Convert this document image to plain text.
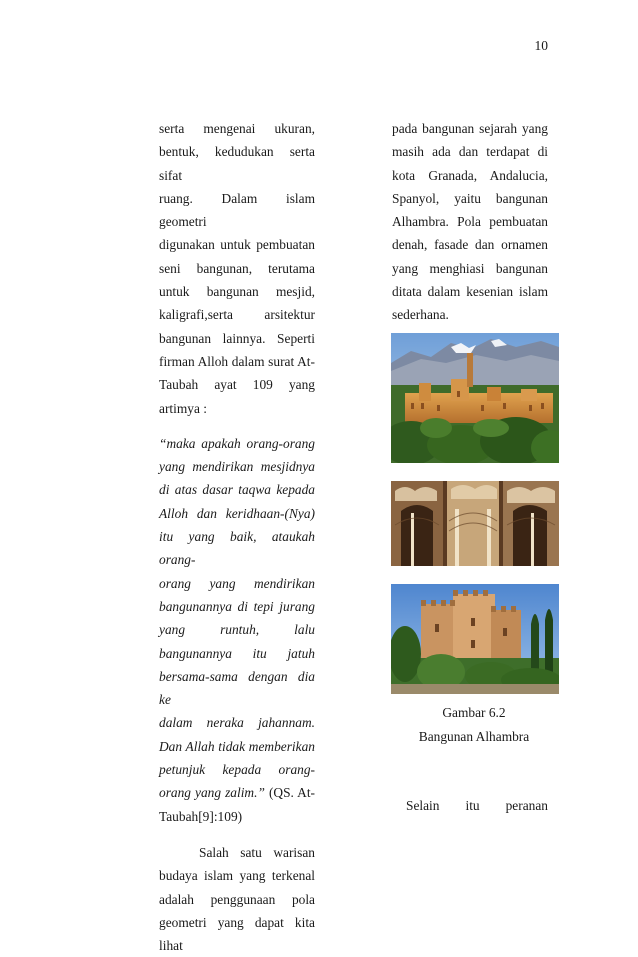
10

serta mengenai ukuran,

bentuk, kedudukan serta sifat

ruang. Dalam islam geometri

digunakan untuk pembuatan

seni bangunan, terutama

untuk bangunan mesjid,

kaligrafi,serta arsitektur

bangunan lainnya. Seperti

firman Alloh dalam surat At-

Taubah ayat 109 yang

artimya :

“maka apakah orang-orang

yang mendirikan mesjidnya

di atas dasar taqwa kepada

Alloh dan keridhaan-(Nya)

itu yang baik, ataukah orang-

orang yang mendirikan

bangunannya di tepi jurang

yang runtuh, lalu

bangunannya itu jatuh

bersama-sama dengan dia ke

dalam neraka jahannam.

Dan Allah tidak memberikan

petunjuk kepada orang-

orang yang zalim.” (QS. At-

Taubah[9]:109)

Salah satu warisan

budaya islam yang terkenal

adalah penggunaan pola

geometri yang dapat kita lihat

pada bangunan sejarah yang

masih ada dan terdapat di

kota Granada, Andalucia,

Spanyol, yaitu bangunan

Alhambra. Pola pembuatan

denah, fasade dan ornamen

yang menghiasi bangunan

ditata dalam kesenian islam

sederhana.

Gambar 6.2
Bangunan Alhambra
Selain itu peranan
